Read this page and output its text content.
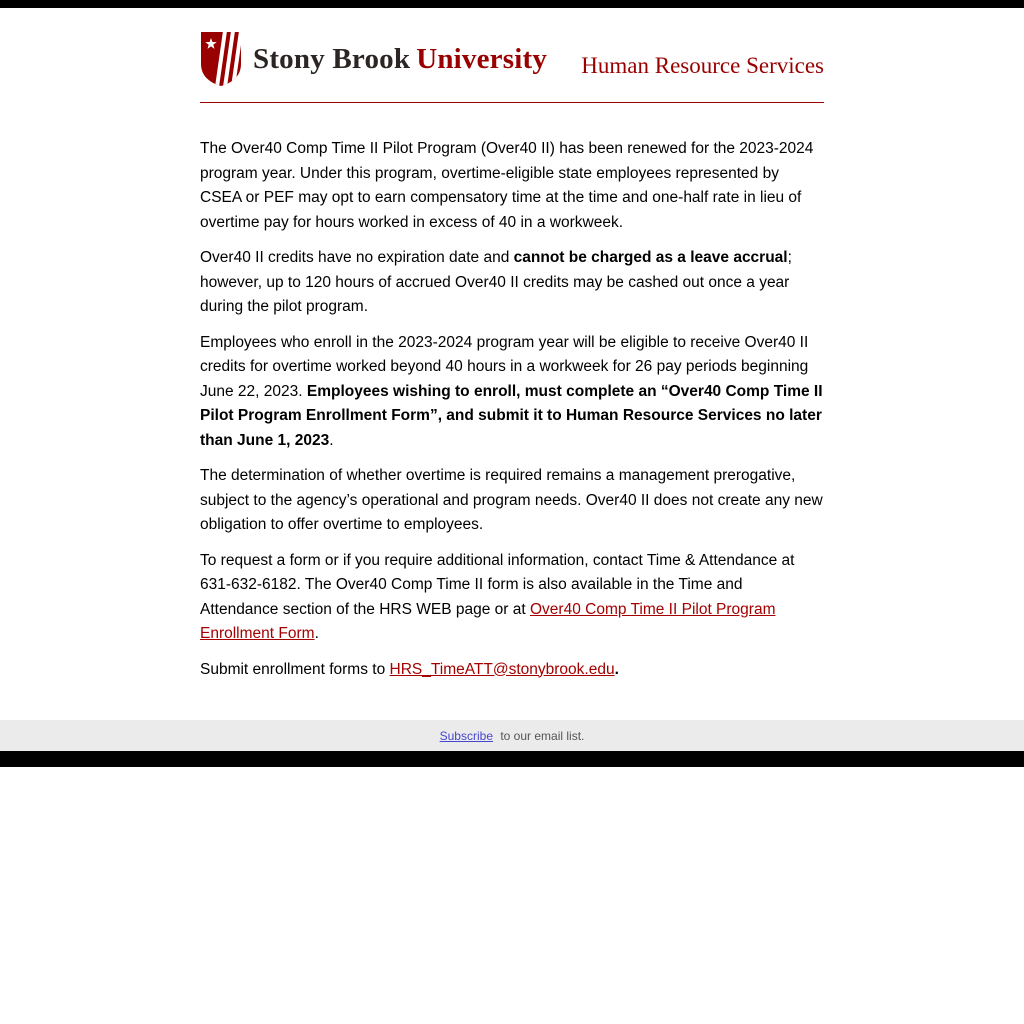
Stony Brook University Human Resource Services

The Over40 Comp Time II Pilot Program (Over40 II) has been renewed for the 2023-2024 program year. Under this program, overtime-eligible state employees represented by CSEA or PEF may opt to earn compensatory time at the time and one-half rate in lieu of overtime pay for hours worked in excess of 40 in a workweek.

Over40 II credits have no expiration date and cannot be charged as a leave accrual; however, up to 120 hours of accrued Over40 II credits may be cashed out once a year during the pilot program.

Employees who enroll in the 2023-2024 program year will be eligible to receive Over40 II credits for overtime worked beyond 40 hours in a workweek for 26 pay periods beginning June 22, 2023. Employees wishing to enroll, must complete an “Over40 Comp Time II Pilot Program Enrollment Form”, and submit it to Human Resource Services no later than June 1, 2023.

The determination of whether overtime is required remains a management prerogative, subject to the agency’s operational and program needs. Over40 II does not create any new obligation to offer overtime to employees.

To request a form or if you require additional information, contact Time & Attendance at 631-632-6182. The Over40 Comp Time II form is also available in the Time and Attendance section of the HRS WEB page or at Over40 Comp Time II Pilot Program Enrollment Form.

Submit enrollment forms to HRS_TimeATT@stonybrook.edu.

Subscribe to our email list.
